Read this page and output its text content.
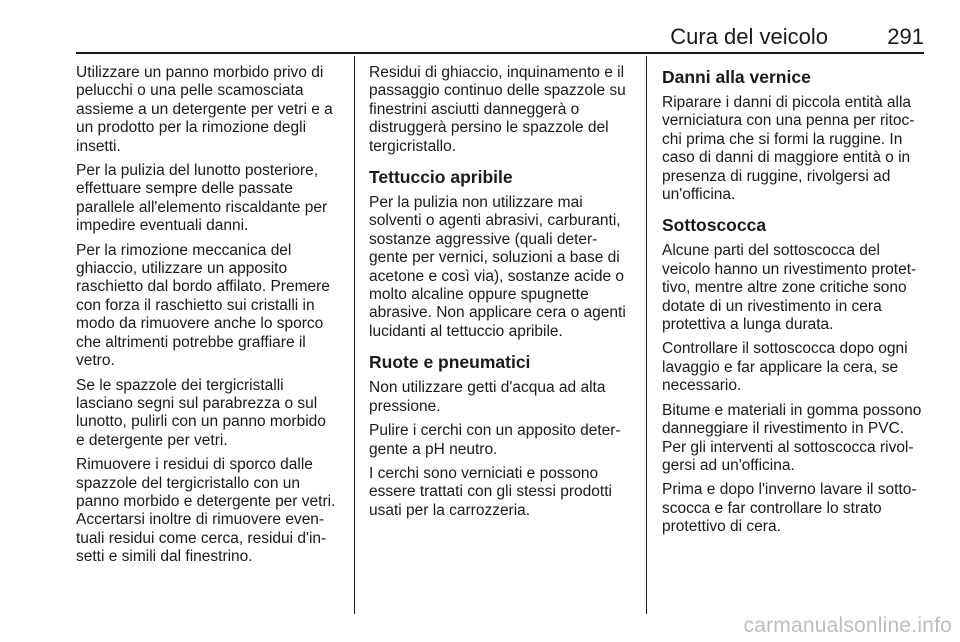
Cura del veicolo	291

Utilizzare un panno morbido privo di
pelucchi o una pelle scamosciata
assieme a un detergente per vetri e a
un prodotto per la rimozione degli
insetti.

Per la pulizia del lunotto posteriore,
effettuare sempre delle passate
parallele all'elemento riscaldante per
impedire eventuali danni.

Per la rimozione meccanica del
ghiaccio, utilizzare un apposito
raschietto dal bordo affilato. Premere
con forza il raschietto sui cristalli in
modo da rimuovere anche lo sporco
che altrimenti potrebbe graffiare il
vetro.

Se le spazzole dei tergicristalli
lasciano segni sul parabrezza o sul
lunotto, pulirli con un panno morbido
e detergente per vetri.

Rimuovere i residui di sporco dalle
spazzole del tergicristallo con un
panno morbido e detergente per vetri.
Accertarsi inoltre di rimuovere even-
tuali residui come cerca, residui d'in-
setti e simili dal finestrino.

Residui di ghiaccio, inquinamento e il
passaggio continuo delle spazzole su
finestrini asciutti danneggerà o
distruggerà persino le spazzole del
tergicristallo.

Tettuccio apribile

Per la pulizia non utilizzare mai
solventi o agenti abrasivi, carburanti,
sostanze aggressive (quali deter-
gente per vernici, soluzioni a base di
acetone e così via), sostanze acide o
molto alcaline oppure spugnette
abrasive. Non applicare cera o agenti
lucidanti al tettuccio apribile.

Ruote e pneumatici

Non utilizzare getti d'acqua ad alta
pressione.

Pulire i cerchi con un apposito deter-
gente a pH neutro.

I cerchi sono verniciati e possono
essere trattati con gli stessi prodotti
usati per la carrozzeria.

Danni alla vernice

Riparare i danni di piccola entità alla
verniciatura con una penna per ritoc-
chi prima che si formi la ruggine. In
caso di danni di maggiore entità o in
presenza di ruggine, rivolgersi ad
un'officina.

Sottoscocca

Alcune parti del sottoscocca del
veicolo hanno un rivestimento protet-
tivo, mentre altre zone critiche sono
dotate di un rivestimento in cera
protettiva a lunga durata.

Controllare il sottoscocca dopo ogni
lavaggio e far applicare la cera, se
necessario.

Bitume e materiali in gomma possono
danneggiare il rivestimento in PVC.
Per gli interventi al sottoscocca rivol-
gersi ad un'officina.

Prima e dopo l'inverno lavare il sotto-
scocca e far controllare lo strato
protettivo di cera.

carmanualsonline.info
